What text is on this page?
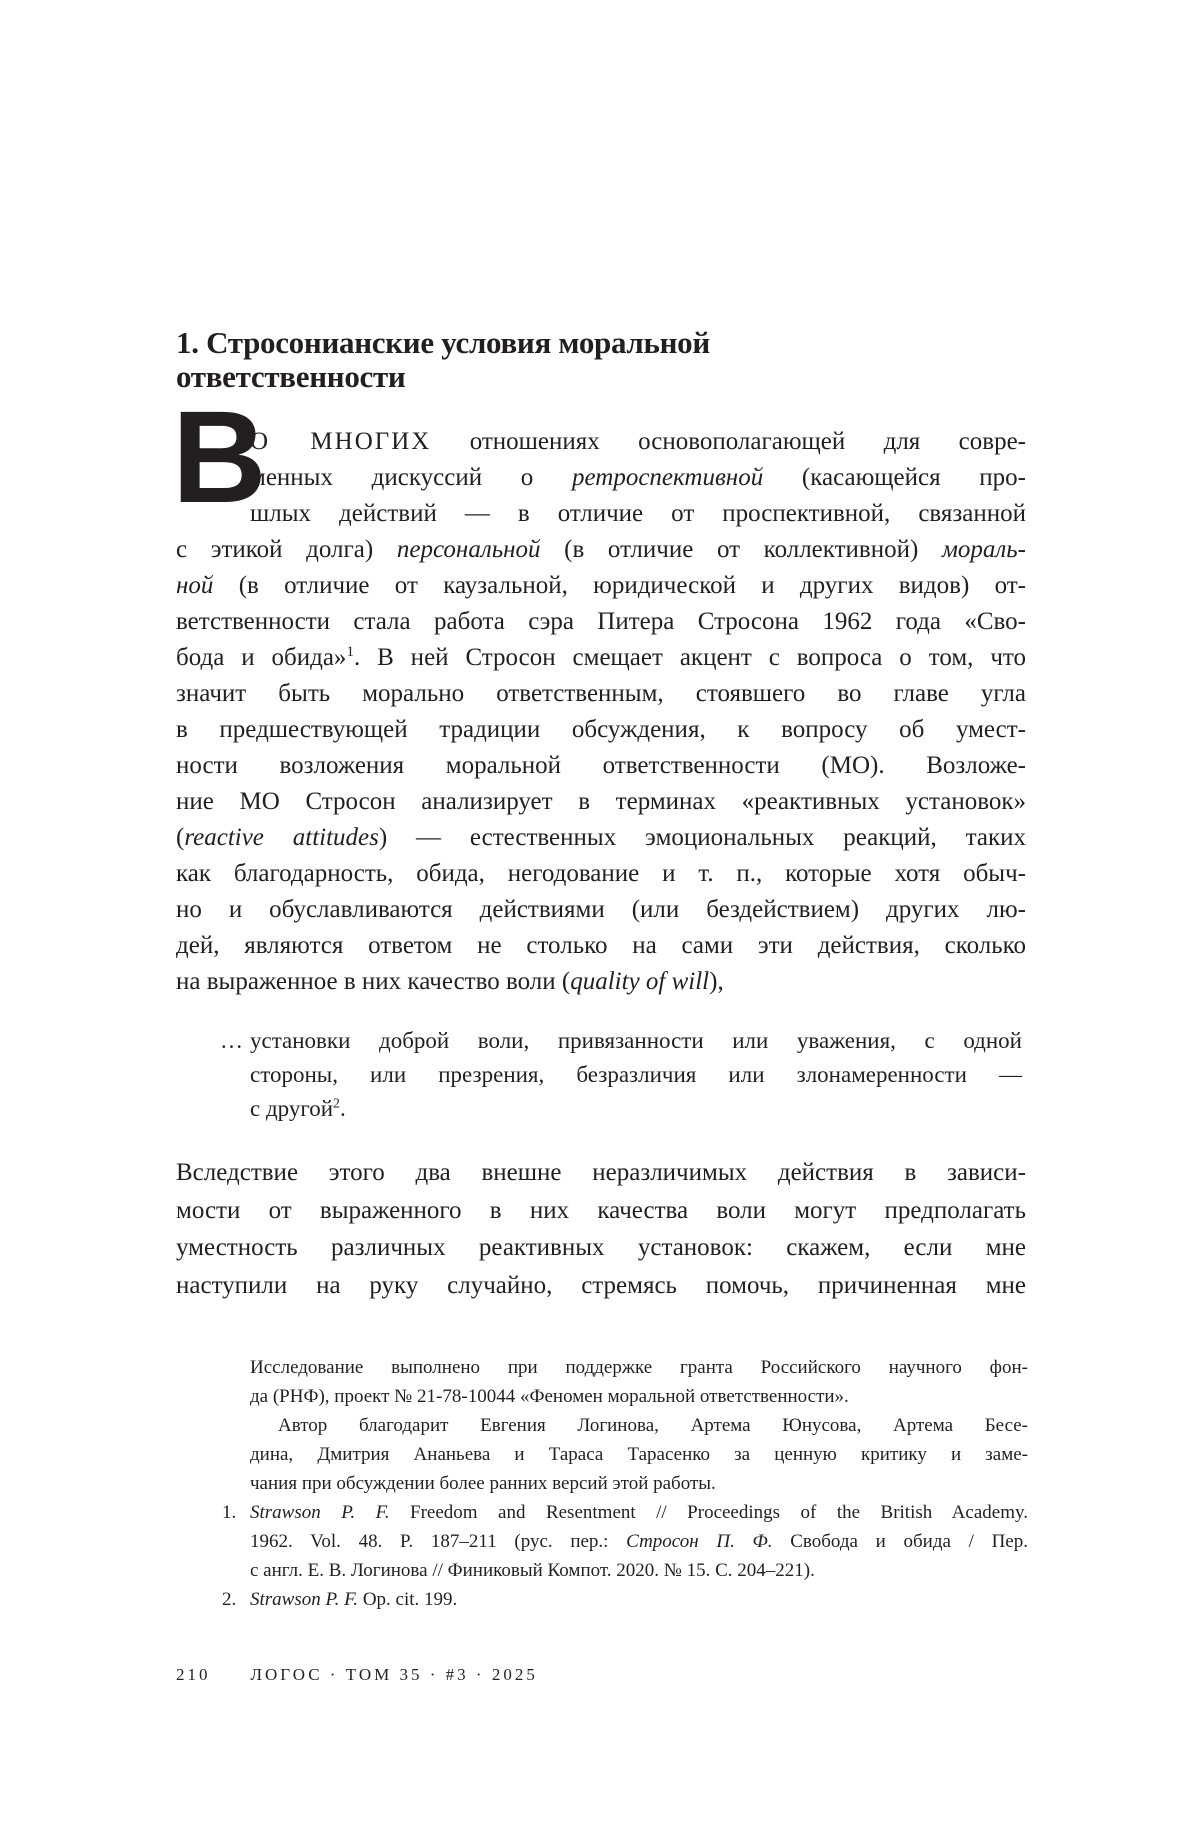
1. Стросонианские условия моральной
ответственности
В
О МНОГИХ отношениях основополагающей для совре-
менных дискуссий о ретроспективной (касающейся про-
шлых действий — в отличие от проспективной, связанной
с этикой долга) персональной (в отличие от коллективной) мораль-
ной (в отличие от каузальной, юридической и других видов) от-
ветственности стала работа сэра Питера Стросона 1962 года «Сво-
бода и обида»$^1$. В ней Стросон смещает акцент с вопроса о том, что
значит быть морально ответственным, стоявшего во главе угла
в предшествующей традиции обсуждения, к вопросу об умест-
ности возложения моральной ответственности (МО). Возложе-
ние МО Стросон анализирует в терминах «реактивных установок»
(reactive attitudes) — естественных эмоциональных реакций, таких
как благодарность, обида, негодование и т. п., которые хотя обыч-
но и обуславливаются действиями (или бездействием) других лю-
дей, являются ответом не столько на сами эти действия, сколько
на выраженное в них качество воли (quality of will),
… установки доброй воли, привязанности или уважения, с одной
стороны, или презрения, безразличия или злонамеренности —
с другой$^2$.
Вследствие этого два внешне неразличимых действия в зависи-
мости от выраженного в них качества воли могут предполагать
уместность различных реактивных установок: скажем, если мне
наступили на руку случайно, стремясь помочь, причиненная мне
Исследование выполнено при поддержке гранта Российского научного фон-
да (РНФ), проект № 21-78-10044 «Феномен моральной ответственности».
Автор благодарит Евгения Логинова, Артема Юнусова, Артема Бесе-
дина, Дмитрия Ананьева и Тараса Тарасенко за ценную критику и заме-
чания при обсуждении более ранних версий этой работы.
1. Strawson P. F. Freedom and Resentment // Proceedings of the British Academy.
1962. Vol. 48. P. 187–211 (рус. пер.: Стросон П. Ф. Свобода и обида / Пер.
с англ. Е. В. Логинова // Финиковый Компот. 2020. № 15. С. 204–221).
2. Strawson P. F. Op. cit. 199.
210 ЛОГОС · ТОМ 35 · #3 · 2025
